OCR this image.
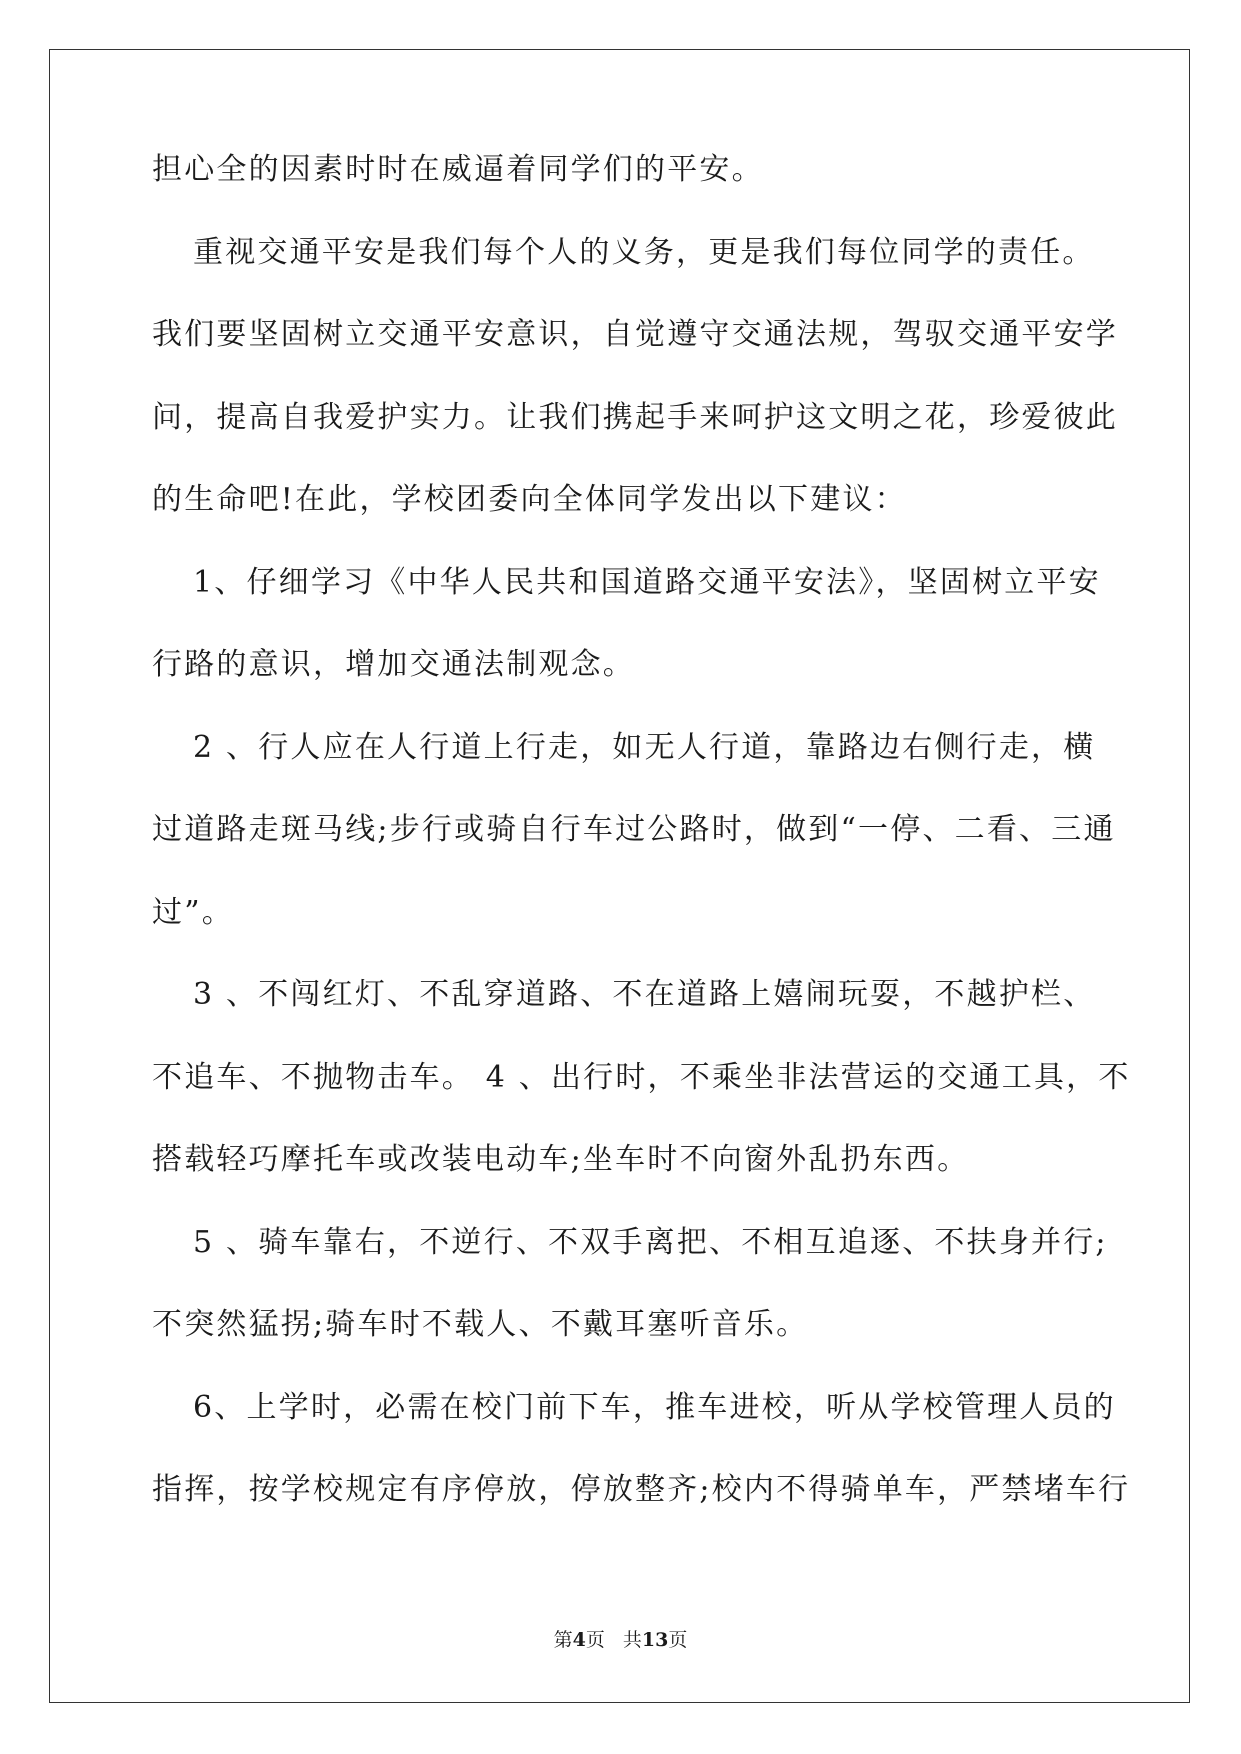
担心全的因素时时在威逼着同学们的平安。
重视交通平安是我们每个人的义务，更是我们每位同学的责任。
我们要坚固树立交通平安意识，自觉遵守交通法规，驾驭交通平安学
问，提高自我爱护实力。让我们携起手来呵护这文明之花，珍爱彼此
的生命吧!在此，学校团委向全体同学发出以下建议：
1、仔细学习《中华人民共和国道路交通平安法》，坚固树立平安
行路的意识，增加交通法制观念。
2 、行人应在人行道上行走，如无人行道，靠路边右侧行走，横
过道路走斑马线;步行或骑自行车过公路时，做到“一停、二看、三通
过”。
3 、不闯红灯、不乱穿道路、不在道路上嬉闹玩耍，不越护栏、
不追车、不抛物击车。 4 、出行时，不乘坐非法营运的交通工具，不
搭载轻巧摩托车或改装电动车;坐车时不向窗外乱扔东西。
5 、骑车靠右，不逆行、不双手离把、不相互追逐、不扶身并行;
不突然猛拐;骑车时不载人、不戴耳塞听音乐。
6、上学时，必需在校门前下车，推车进校，听从学校管理人员的
指挥，按学校规定有序停放，停放整齐;校内不得骑单车，严禁堵车行
第4页 共13页
